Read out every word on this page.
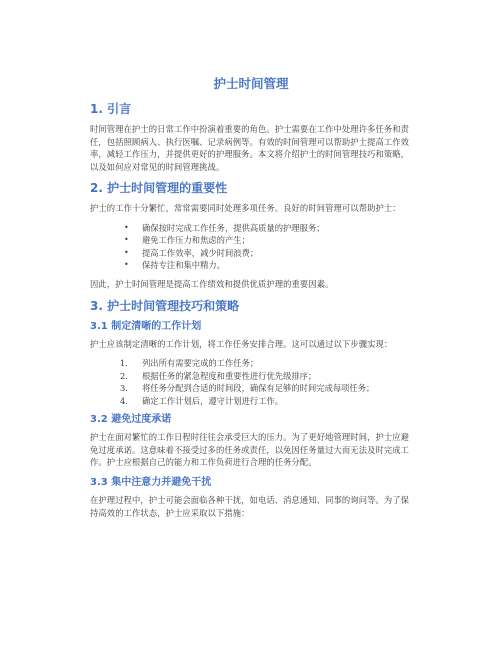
护士时间管理
1. 引言

时间管理在护士的日常工作中扮演着重要的角色。护士需要在工作中处理许多任务和责任，包括照顾病人、执行医嘱、记录病例等。有效的时间管理可以帮助护士提高工作效率，减轻工作压力，并提供更好的护理服务。本文将介绍护士的时间管理技巧和策略，以及如何应对常见的时间管理挑战。

2. 护士时间管理的重要性

护士的工作十分繁忙，常常需要同时处理多项任务。良好的时间管理可以帮助护士：

• 确保按时完成工作任务，提供高质量的护理服务；
• 避免工作压力和焦虑的产生；
• 提高工作效率，减少时间浪费；
• 保持专注和集中精力。

因此，护士时间管理是提高工作绩效和提供优质护理的重要因素。

3. 护士时间管理技巧和策略
3.1 制定清晰的工作计划

护士应该制定清晰的工作计划，将工作任务安排合理。这可以通过以下步骤实现：

1. 列出所有需要完成的工作任务；
2. 根据任务的紧急程度和重要性进行优先级排序；
3. 将任务分配到合适的时间段，确保有足够的时间完成每项任务；
4. 确定工作计划后，遵守计划进行工作。
3.2 避免过度承诺

护士在面对繁忙的工作日程时往往会承受巨大的压力。为了更好地管理时间，护士应避免过度承诺。这意味着不接受过多的任务或责任，以免因任务量过大而无法及时完成工作。护士应根据自己的能力和工作负荷进行合理的任务分配。

3.3 集中注意力并避免干扰

在护理过程中，护士可能会面临各种干扰，如电话、消息通知、同事的询问等。为了保持高效的工作状态，护士应采取以下措施：
